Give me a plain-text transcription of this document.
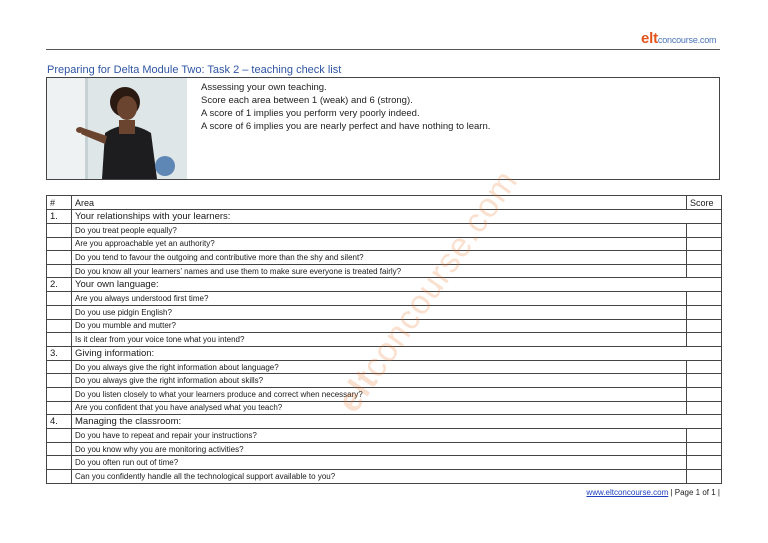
eltconcourse.com
Preparing for Delta Module Two: Task 2 – teaching check list
Assessing your own teaching.
Score each area between 1 (weak) and 6 (strong).
A score of 1 implies you perform very poorly indeed.
A score of 6 implies you are nearly perfect and have nothing to learn.
#	Area	Score
1.	Your relationships with your learners:	
	Do you treat people equally?	
	Are you approachable yet an authority?	
	Do you tend to favour the outgoing and contributive more than the shy and silent?	
	Do you know all your learners’ names and use them to make sure everyone is treated fairly?	
2.	Your own language:	
	Are you always understood first time?	
	Do you use pidgin English?	
	Do you mumble and mutter?	
	Is it clear from your voice tone what you intend?	
3.	Giving information:	
	Do you always give the right information about language?	
	Do you always give the right information about skills?	
	Do you listen closely to what your learners produce and correct when necessary?	
	Are you confident that you have analysed what you teach?	
4.	Managing the classroom:	
	Do you have to repeat and repair your instructions?	
	Do you know why you are monitoring activities?	
	Do you often run out of time?	
	Can you confidently handle all the technological support available to you?	
eltconcourse.com
www.eltconcourse.com | Page 1 of 1 |
